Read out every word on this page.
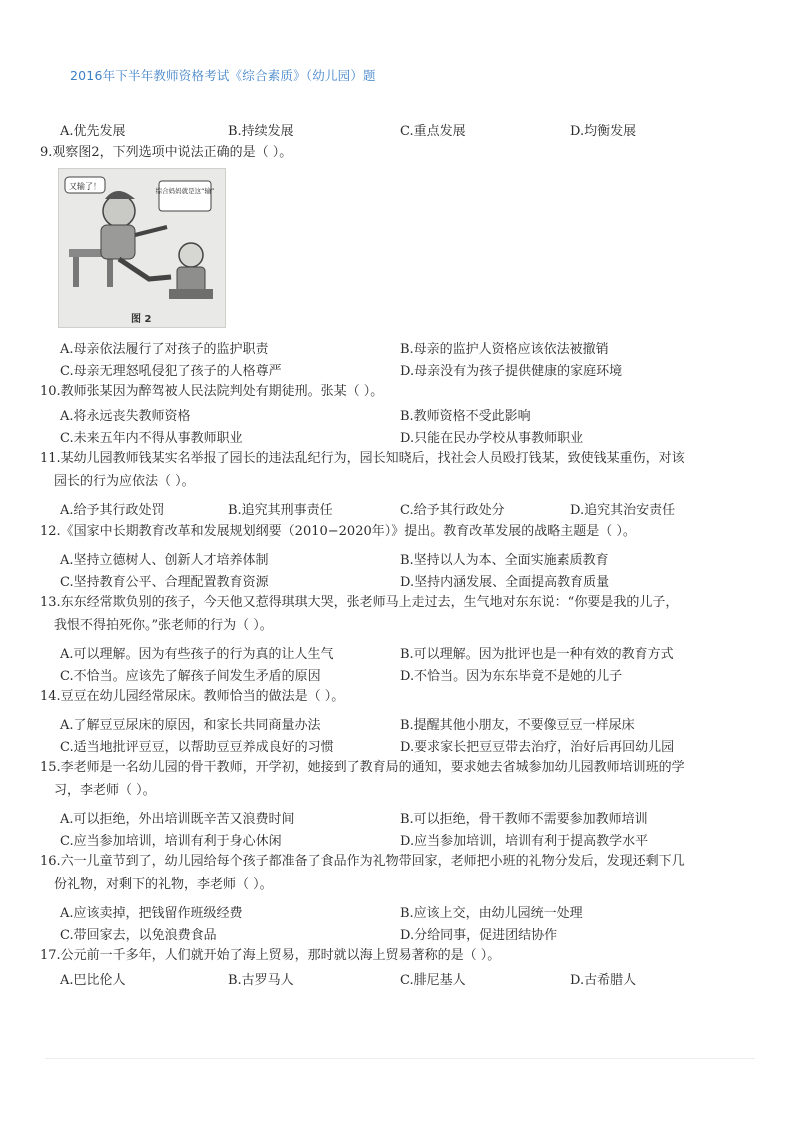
2016年下半年教师资格考试《综合素质》（幼儿园）题
A.优先发展	B.持续发展	C.重点发展	D.均衡发展
9.观察图2，下列选项中说法正确的是（ ）。
又输了！	综合妈妈就是这“输”
图 2
A.母亲依法履行了对孩子的监护职责	B.母亲的监护人资格应该依法被撤销
C.母亲无理怒吼侵犯了孩子的人格尊严	D.母亲没有为孩子提供健康的家庭环境
10.教师张某因为醉驾被人民法院判处有期徒刑。张某（ ）。
A.将永远丧失教师资格	B.教师资格不受此影响
C.未来五年内不得从事教师职业	D.只能在民办学校从事教师职业
11.某幼儿园教师钱某实名举报了园长的违法乱纪行为，园长知晓后，找社会人员殴打钱某，致使钱某重伤，对该
园长的行为应依法（ ）。
A.给予其行政处罚	B.追究其刑事责任	C.给予其行政处分	D.追究其治安责任
12.《国家中长期教育改革和发展规划纲要（2010−2020年）》提出。教育改革发展的战略主题是（ ）。
A.坚持立德树人、创新人才培养体制	B.坚持以人为本、全面实施素质教育
C.坚持教育公平、合理配置教育资源	D.坚持内涵发展、全面提高教育质量
13.东东经常欺负别的孩子，今天他又惹得琪琪大哭，张老师马上走过去，生气地对东东说：“你要是我的儿子，
我恨不得拍死你。”张老师的行为（ ）。
A.可以理解。因为有些孩子的行为真的让人生气	B.可以理解。因为批评也是一种有效的教育方式
C.不恰当。应该先了解孩子间发生矛盾的原因	D.不恰当。因为东东毕竟不是她的儿子
14.豆豆在幼儿园经常尿床。教师恰当的做法是（ ）。
A.了解豆豆尿床的原因，和家长共同商量办法	B.提醒其他小朋友，不要像豆豆一样尿床
C.适当地批评豆豆，以帮助豆豆养成良好的习惯	D.要求家长把豆豆带去治疗，治好后再回幼儿园
15.李老师是一名幼儿园的骨干教师，开学初，她接到了教育局的通知，要求她去省城参加幼儿园教师培训班的学
习，李老师（ ）。
A.可以拒绝，外出培训既辛苦又浪费时间	B.可以拒绝，骨干教师不需要参加教师培训
C.应当参加培训，培训有利于身心休闲	D.应当参加培训，培训有利于提高教学水平
16.六一儿童节到了，幼儿园给每个孩子都准备了食品作为礼物带回家，老师把小班的礼物分发后，发现还剩下几
份礼物，对剩下的礼物，李老师（ ）。
A.应该卖掉，把钱留作班级经费	B.应该上交，由幼儿园统一处理
C.带回家去，以免浪费食品	D.分给同事，促进团结协作
17.公元前一千多年，人们就开始了海上贸易，那时就以海上贸易著称的是（ ）。
A.巴比伦人	B.古罗马人	C.腓尼基人	D.古希腊人
